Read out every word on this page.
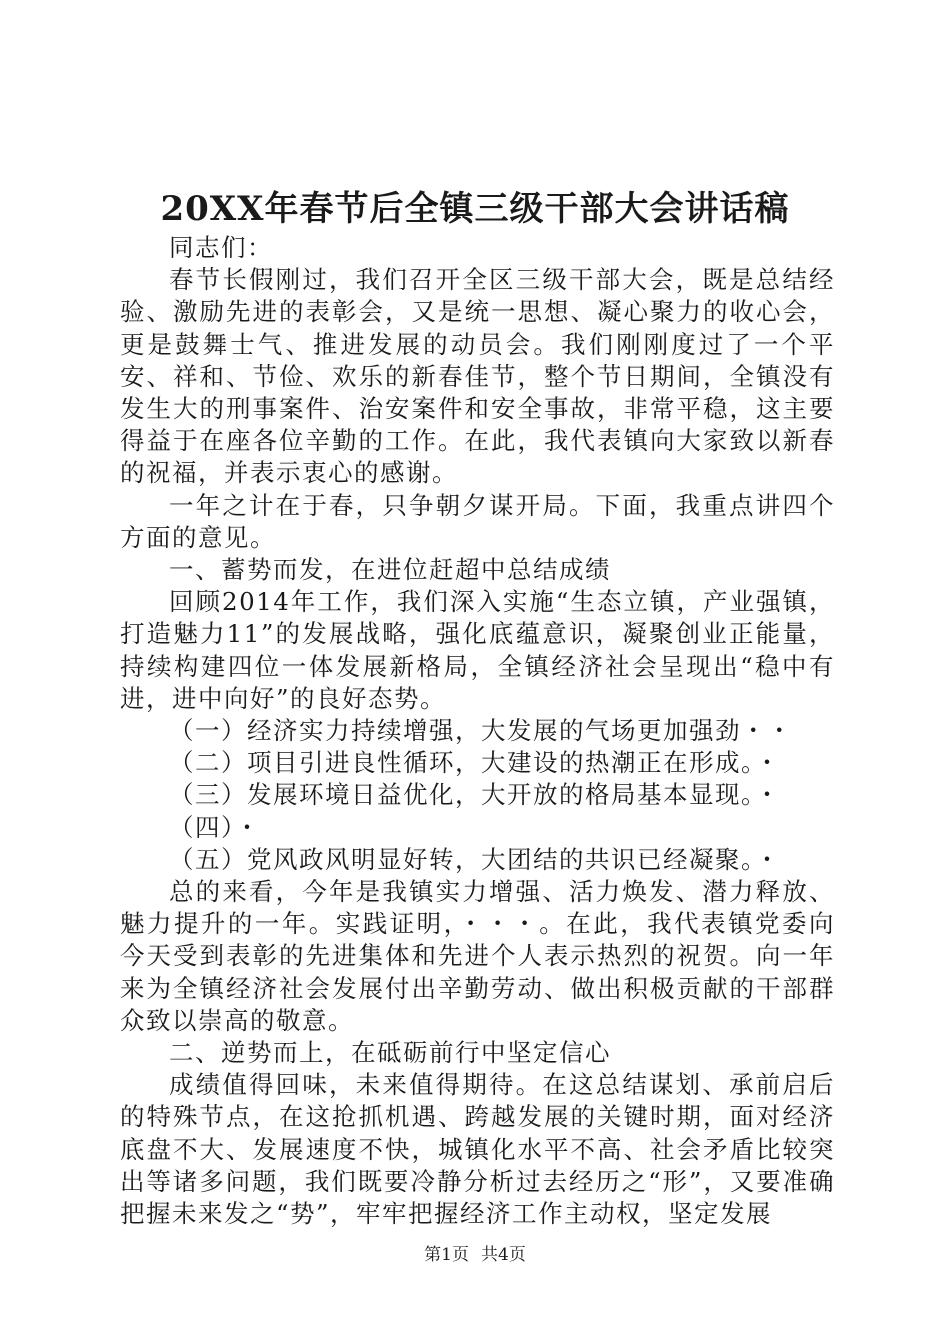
20XX年春节后全镇三级干部大会讲话稿

同志们：

春节长假刚过，我们召开全区三级干部大会，既是总结经验、激励先进的表彰会，又是统一思想、凝心聚力的收心会，更是鼓舞士气、推进发展的动员会。我们刚刚度过了一个平安、祥和、节俭、欢乐的新春佳节，整个节日期间，全镇没有发生大的刑事案件、治安案件和安全事故，非常平稳，这主要得益于在座各位辛勤的工作。在此，我代表镇向大家致以新春的祝福，并表示衷心的感谢。

一年之计在于春，只争朝夕谋开局。下面，我重点讲四个方面的意见。

一、蓄势而发，在进位赶超中总结成绩

回顾2014年工作，我们深入实施“生态立镇，产业强镇，打造魅力11”的发展战略，强化底蕴意识，凝聚创业正能量，持续构建四位一体发展新格局，全镇经济社会呈现出“稳中有进，进中向好”的良好态势。

（一）经济实力持续增强，大发展的气场更加强劲・・

（二）项目引进良性循环，大建设的热潮正在形成。・

（三）发展环境日益优化，大开放的格局基本显现。・

（四）・

（五）党风政风明显好转，大团结的共识已经凝聚。・

总的来看，今年是我镇实力增强、活力焕发、潜力释放、魅力提升的一年。实践证明，・・・。在此，我代表镇党委向今天受到表彰的先进集体和先进个人表示热烈的祝贺。向一年来为全镇经济社会发展付出辛勤劳动、做出积极贡献的干部群众致以崇高的敬意。

二、逆势而上，在砥砺前行中坚定信心

成绩值得回味，未来值得期待。在这总结谋划、承前启后的特殊节点，在这抢抓机遇、跨越发展的关键时期，面对经济底盘不大、发展速度不快，城镇化水平不高、社会矛盾比较突出等诸多问题，我们既要冷静分析过去经历之“形”，又要准确把握未来发之“势”，牢牢把握经济工作主动权，坚定发展

第1页 共4页
